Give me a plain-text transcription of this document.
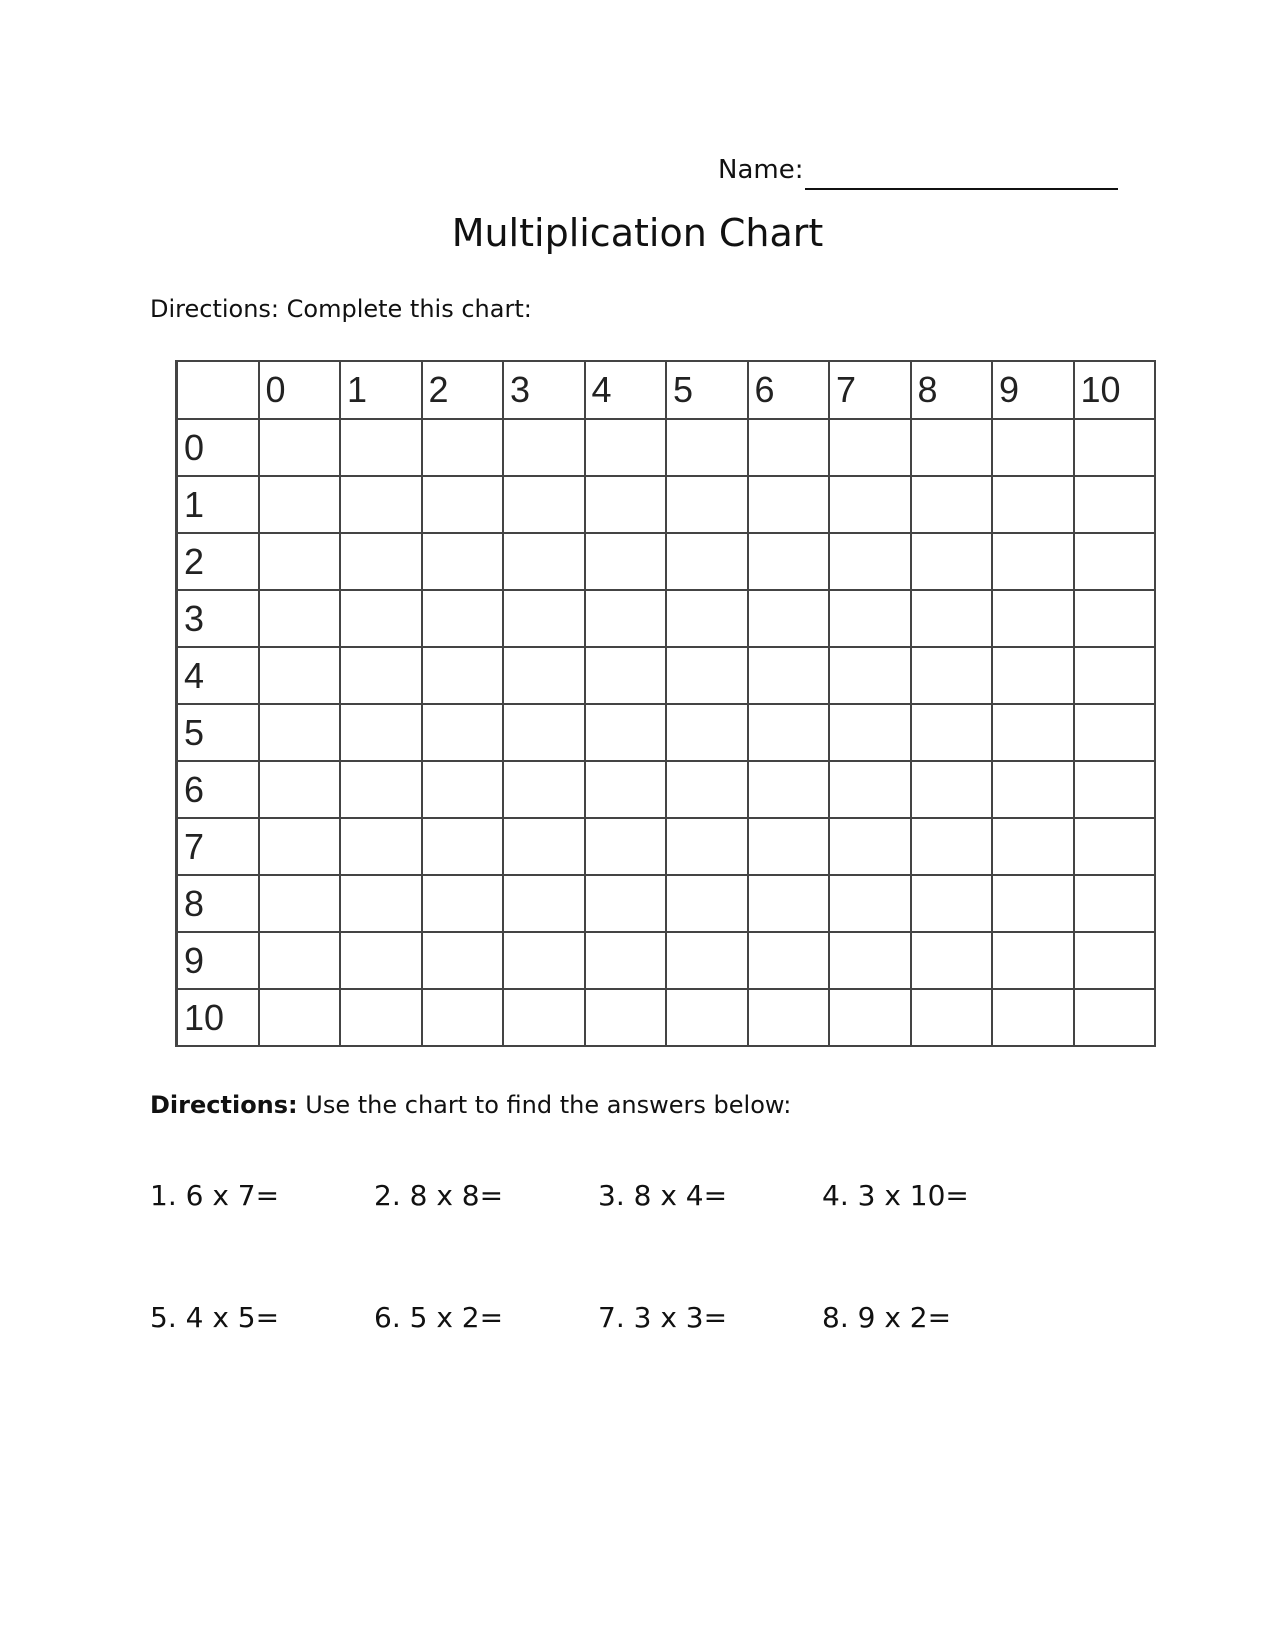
Name:
Multiplication Chart
Directions: Complete this chart:
	0	1	2	3	4	5	6	7	8	9	10
0											
1											
2											
3											
4											
5											
6											
7											
8											
9											
10											
Directions: Use the chart to find the answers below:
1. 6 x 7=	2. 8 x 8=	3. 8 x 4=	4. 3 x 10=
5. 4 x 5=	6. 5 x 2=	7. 3 x 3=	8. 9 x 2=
